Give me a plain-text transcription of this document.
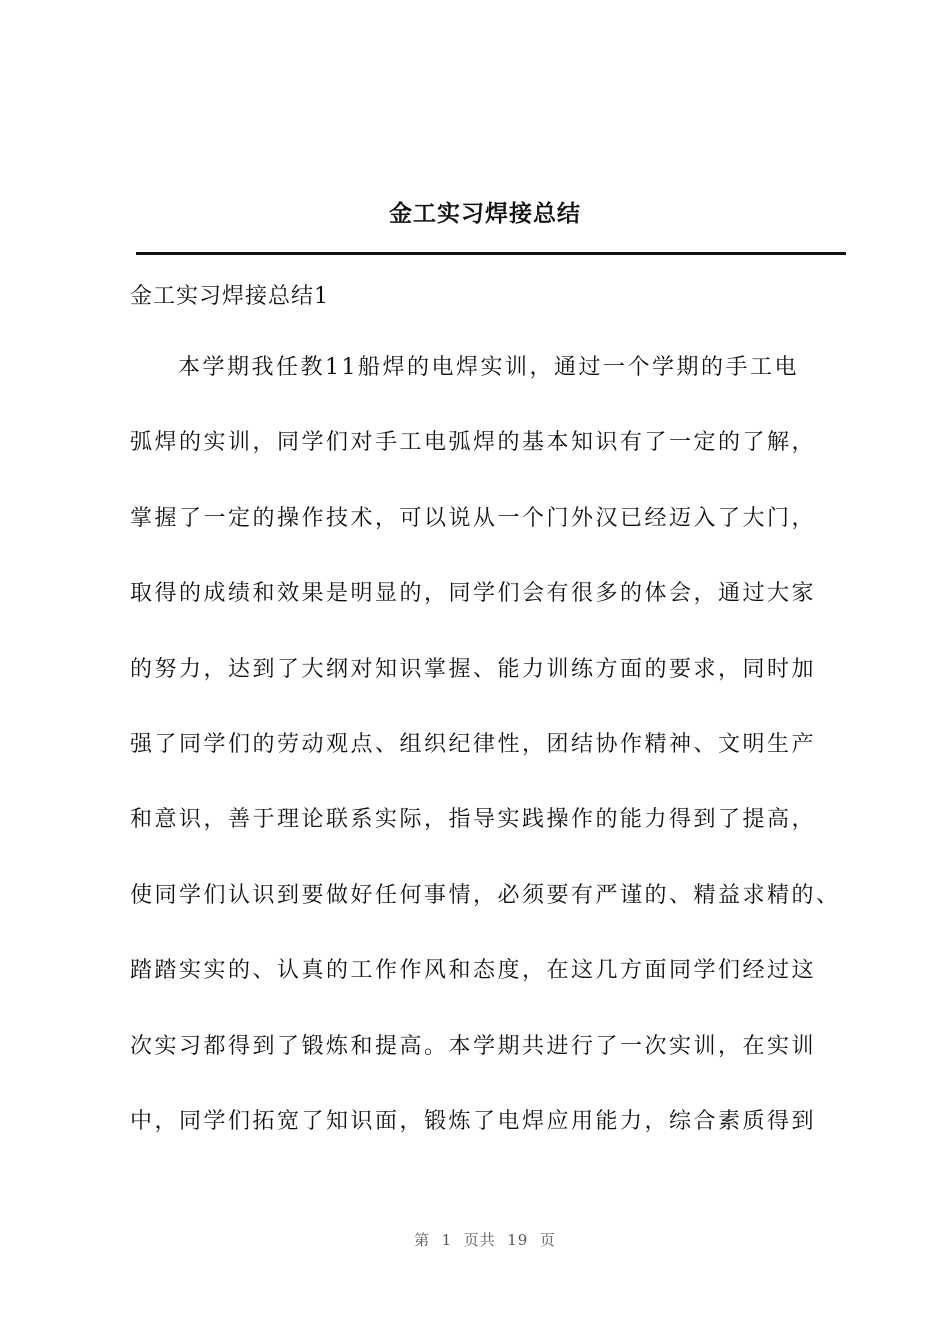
金工实习焊接总结
金工实习焊接总结1
本学期我任教11船焊的电焊实训，通过一个学期的手工电
弧焊的实训，同学们对手工电弧焊的基本知识有了一定的了解，
掌握了一定的操作技术，可以说从一个门外汉已经迈入了大门，
取得的成绩和效果是明显的，同学们会有很多的体会，通过大家
的努力，达到了大纲对知识掌握、能力训练方面的要求，同时加
强了同学们的劳动观点、组织纪律性，团结协作精神、文明生产
和意识，善于理论联系实际，指导实践操作的能力得到了提高，
使同学们认识到要做好任何事情，必须要有严谨的、精益求精的、
踏踏实实的、认真的工作作风和态度，在这几方面同学们经过这
次实习都得到了锻炼和提高。本学期共进行了一次实训，在实训
中，同学们拓宽了知识面，锻炼了电焊应用能力，综合素质得到
第  1  页共  19  页
